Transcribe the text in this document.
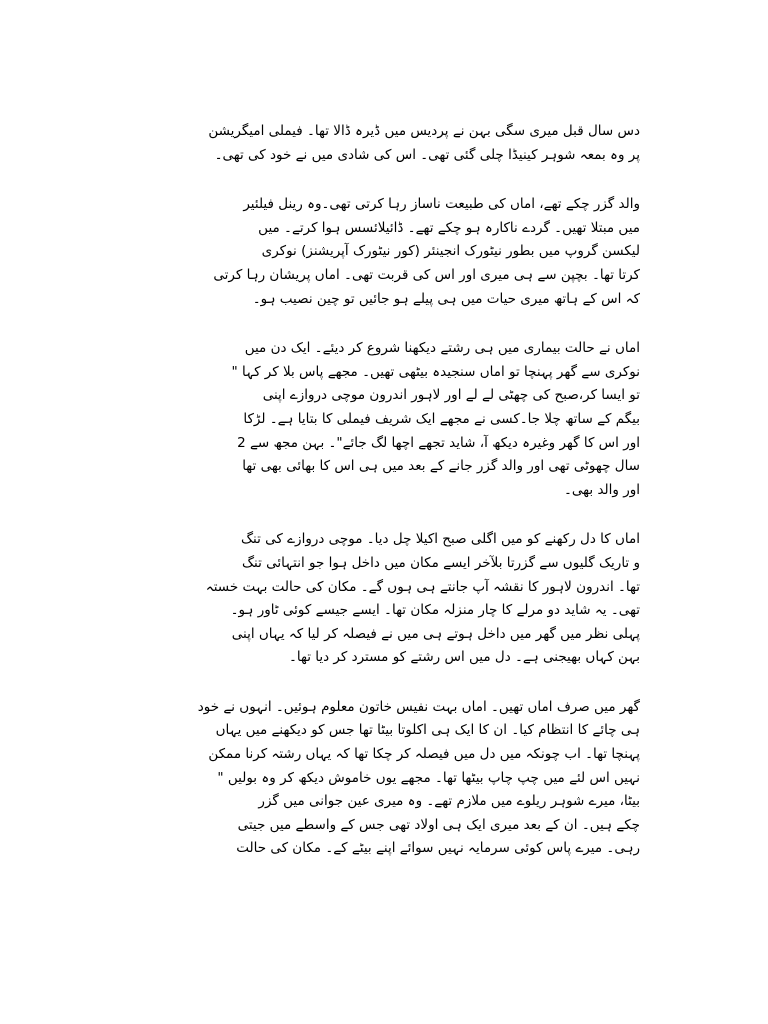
دس سال قبل میری سگی بہن نے پردیس میں ڈیرہ ڈالا تھا۔ فیملی امیگریشن
پر وہ بمعہ شوہر کینیڈا چلی گئی تھی۔ اس کی شادی میں نے خود کی تھی۔
والد گزر چکے تھے، اماں کی طبیعت ناساز رہا کرتی تھی۔وہ رینل فیلئیر
میں مبتلا تھیں۔ گردے ناکارہ ہو چکے تھے۔ ڈائیلائسس ہوا کرتے۔ میں
لیکسن گروپ میں بطور نیٹورک انجینئر (کور نیٹورک آپریشنز) نوکری
کرتا تھا۔ بچپن سے ہی میری اور اس کی قربت تھی۔ اماں پریشان رہا کرتی
کہ اس کے ہاتھ میری حیات میں ہی پیلے ہو جائیں تو چین نصیب ہو۔
اماں نے حالت بیماری میں ہی رشتے دیکھنا شروع کر دیئے۔ ایک دن میں
نوکری سے گھر پہنچا تو اماں سنجیدہ بیٹھی تھیں۔ مجھے پاس بلا کر کہا "
تو ایسا کر،صبح کی چھٹی لے لے اور لاہور اندرون موچی دروازے اپنی
بیگم کے ساتھ چلا جا۔کسی نے مجھے ایک شریف فیملی کا بتایا ہے۔ لڑکا
اور اس کا گھر وغیرہ دیکھ آ، شاید تجھے اچھا لگ جائے"۔ بہن مجھ سے 2
سال چھوٹی تھی اور والد گزر جانے کے بعد میں ہی اس کا بھائی بھی تھا
اور والد بھی۔
اماں کا دل رکھنے کو میں اگلی صبح اکیلا چل دیا۔ موچی دروازے کی تنگ
و تاریک گلیوں سے گزرتا بلآخر ایسے مکان میں داخل ہوا جو انتہائی تنگ
تھا۔ اندرون لاہور کا نقشہ آپ جانتے ہی ہوں گے۔ مکان کی حالت بہت خستہ
تھی۔ یہ شاید دو مرلے کا چار منزلہ مکان تھا۔ ایسے جیسے کوئی ٹاور ہو۔
پہلی نظر میں گھر میں داخل ہوتے ہی میں نے فیصلہ کر لیا کہ یہاں اپنی
بہن کہاں بھیجنی ہے۔ دل میں اس رشتے کو مسترد کر دیا تھا۔
گھر میں صرف اماں تھیں۔ اماں بہت نفیس خاتون معلوم ہوئیں۔ انہوں نے خود
ہی چائے کا انتظام کیا۔ ان کا ایک ہی اکلوتا بیٹا تھا جس کو دیکھنے میں یہاں
پہنچا تھا۔ اب چونکہ میں دل میں فیصلہ کر چکا تھا کہ یہاں رشتہ کرنا ممکن
نہیں اس لئے میں چپ چاپ بیٹھا تھا۔ مجھے یوں خاموش دیکھ کر وہ بولیں "
بیٹا، میرے شوہر ریلوے میں ملازم تھے۔ وہ میری عین جوانی میں گزر
چکے ہیں۔ ان کے بعد میری ایک ہی اولاد تھی جس کے واسطے میں جیتی
رہی۔ میرے پاس کوئی سرمایہ نہیں سوائے اپنے بیٹے کے۔ مکان کی حالت
